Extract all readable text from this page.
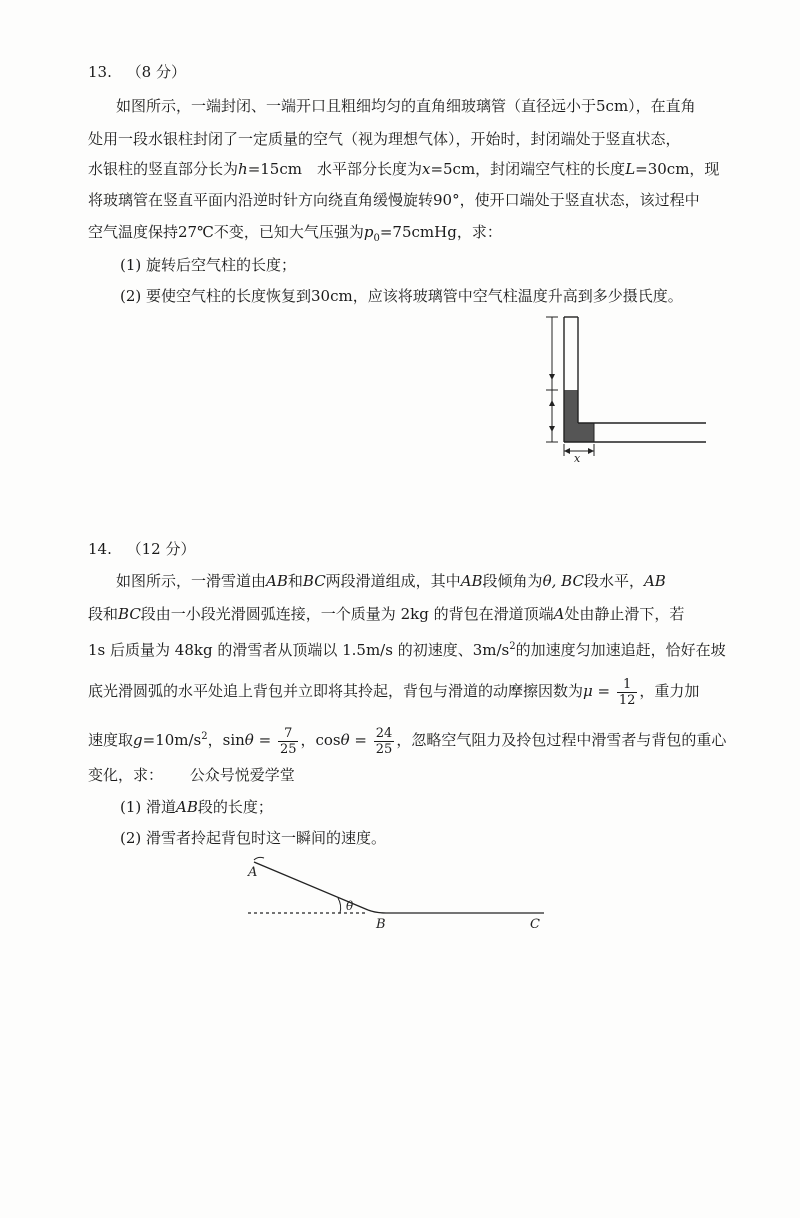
13. （8 分）
如图所示，一端封闭、一端开口且粗细均匀的直角细玻璃管（直径远小于5cm），在直角
处用一段水银柱封闭了一定质量的空气（视为理想气体），开始时，封闭端处于竖直状态，
水银柱的竖直部分长为h=15cm　水平部分长度为x=5cm，封闭端空气柱的长度L=30cm，现
将玻璃管在竖直平面内沿逆时针方向绕直角缓慢旋转90°，使开口端处于竖直状态，该过程中
空气温度保持27℃不变，已知大气压强为$p_0=75cmHg$，求：
(1) 旋转后空气柱的长度；
(2) 要使空气柱的长度恢复到30cm，应该将玻璃管中空气柱温度升高到多少摄氏度。
x
14. （12 分）
如图所示，一滑雪道由AB和BC两段滑道组成，其中AB段倾角为θ, BC段水平，AB
段和BC段由一小段光滑圆弧连接，一个质量为 2kg 的背包在滑道顶端A处由静止滑下，若
1s 后质量为 48kg 的滑雪者从顶端以 1.5m/s 的初速度、$3m/s^2$的加速度匀加速追赶，恰好在坡
底光滑圆弧的水平处追上背包并立即将其拎起，背包与滑道的动摩擦因数为$\mu = \frac{1}{12}$ ，重力加
速度取$g=10m/s^2$，$\sin\theta = \frac{7}{25}$ ，$\cos\theta = \frac{24}{25}$ ，忽略空气阻力及拎包过程中滑雪者与背包的重心
变化，求： 公众号悦爱学堂
(1) 滑道AB段的长度；
(2) 滑雪者拎起背包时这一瞬间的速度。
A
θ
B	C
